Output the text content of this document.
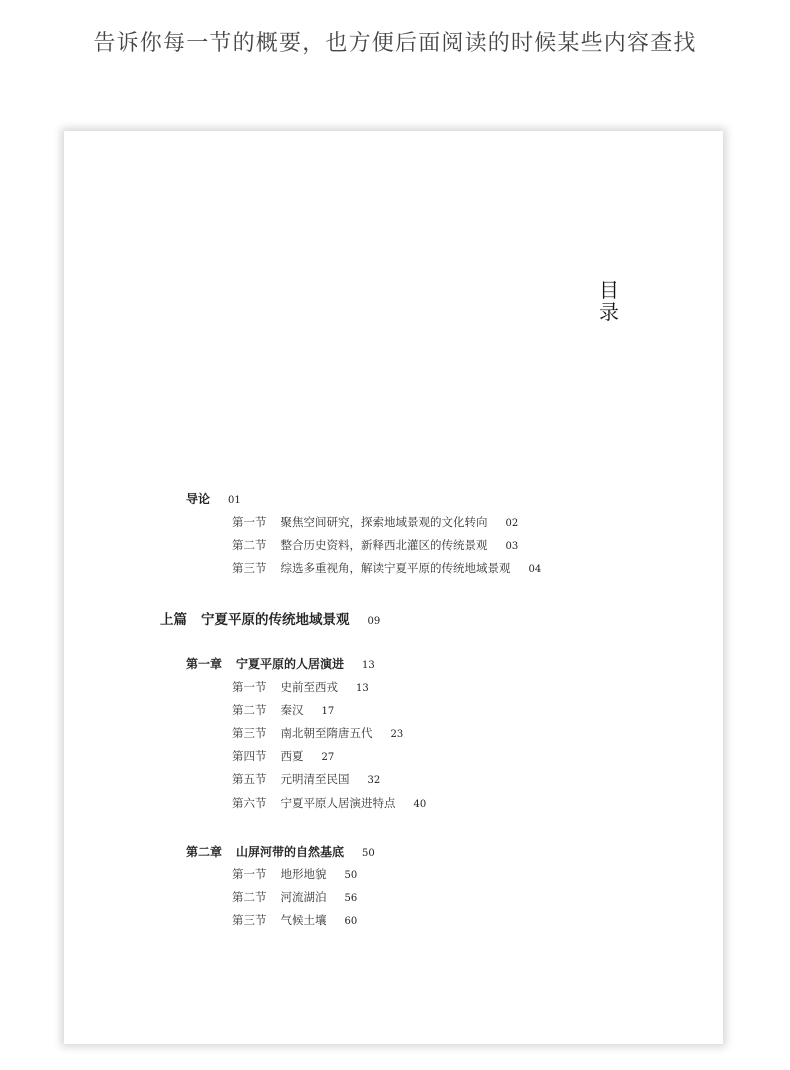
告诉你每一节的概要，也方便后面阅读的时候某些内容查找
目
录
导论 01
第一节 聚焦空间研究，探索地域景观的文化转向 02
第二节 整合历史资料，新释西北灌区的传统景观 03
第三节 综选多重视角，解读宁夏平原的传统地域景观 04
上篇 宁夏平原的传统地域景观 09
第一章 宁夏平原的人居演进 13
第一节 史前至西戎 13
第二节 秦汉 17
第三节 南北朝至隋唐五代 23
第四节 西夏 27
第五节 元明清至民国 32
第六节 宁夏平原人居演进特点 40
第二章 山屏河带的自然基底 50
第一节 地形地貌 50
第二节 河流湖泊 56
第三节 气候土壤 60
